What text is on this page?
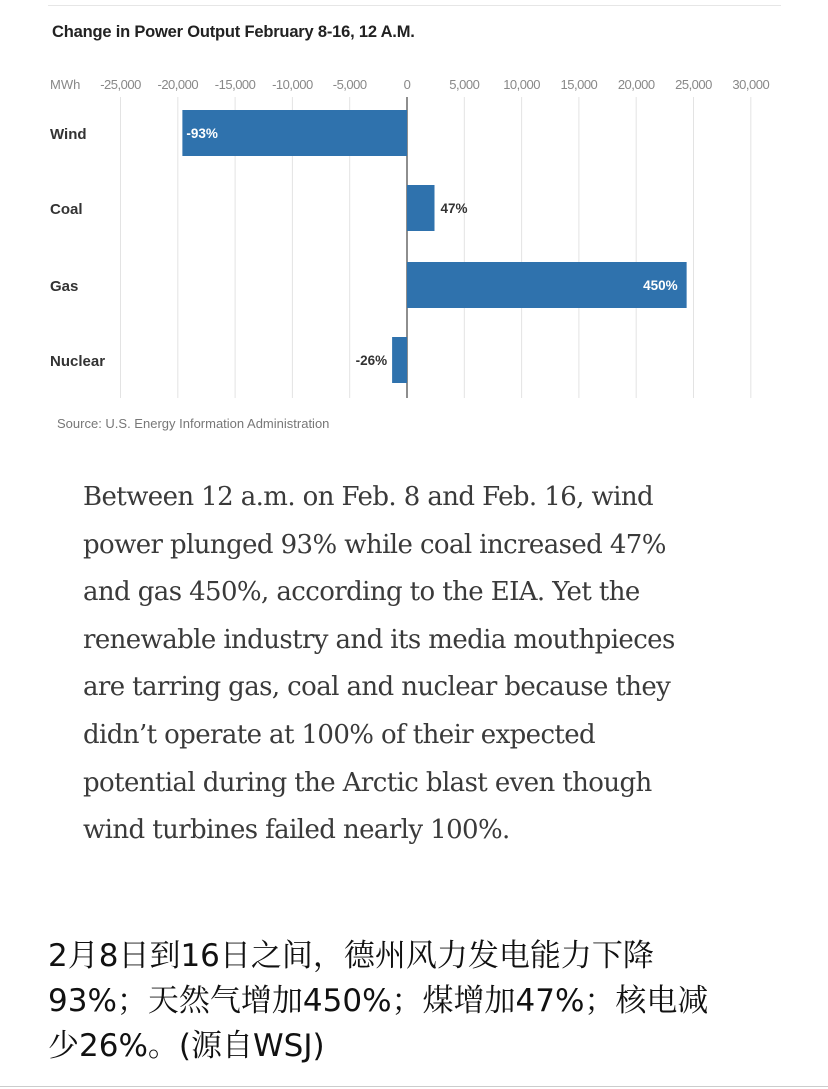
Change in Power Output February 8-16, 12 A.M.
MWh -25,000 -20,000 -15,000 -10,000 -5,000	0	5,000 10,000 15,000 20,000 25,000 30,000
Wind	-93%
Coal	47%
Gas	450%
Nuclear	-26%
Source: U.S. Energy Information Administration
Between 12 a.m. on Feb. 8 and Feb. 16, wind
power plunged 93% while coal increased 47%
and gas 450%, according to the EIA. Yet the
renewable industry and its media mouthpieces
are tarring gas, coal and nuclear because they
didn’t operate at 100% of their expected
potential during the Arctic blast even though
wind turbines failed nearly 100%.
2月8日到16日之间，德州风力发电能力下降
93%；天然气增加450%；煤增加47%；核电减
少26%。(源自WSJ)
